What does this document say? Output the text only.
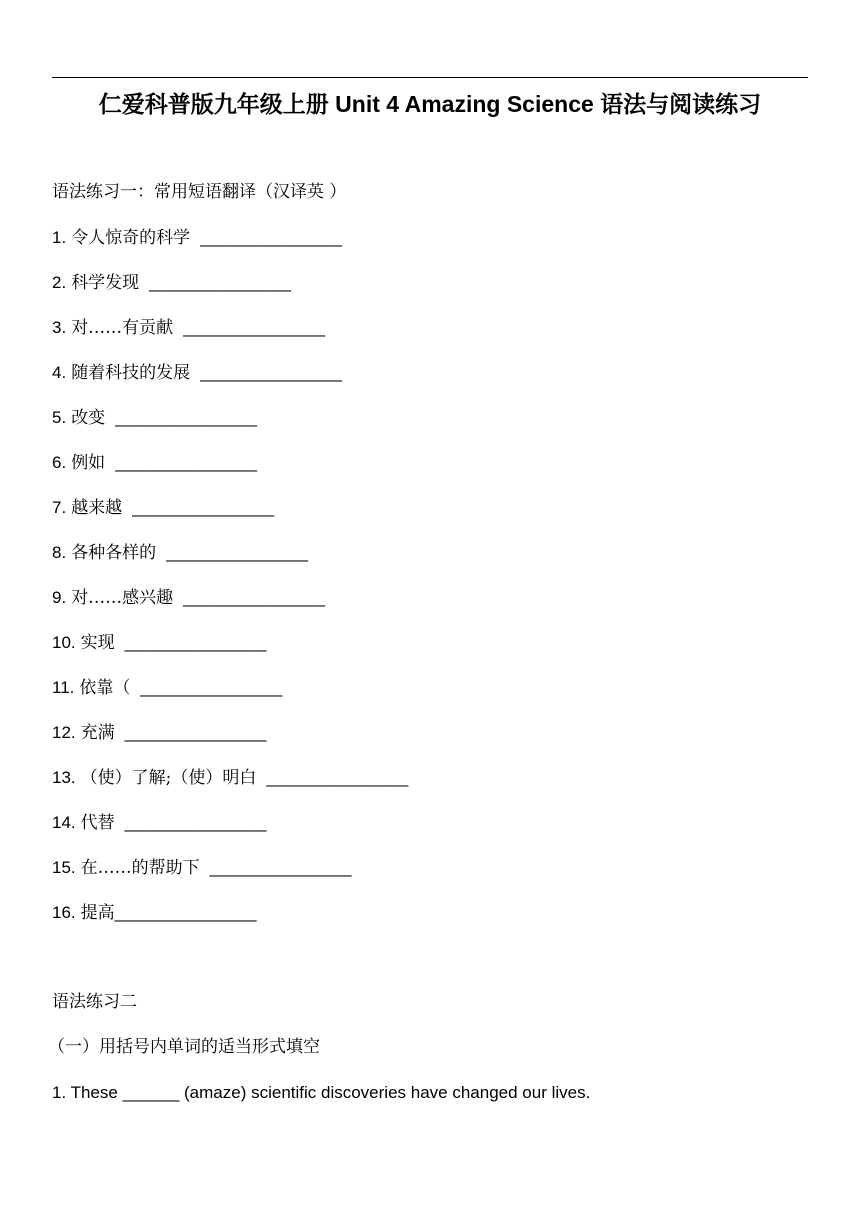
仁爱科普版九年级上册 Unit 4 Amazing Science 语法与阅读练习
语法练习一：常用短语翻译（汉译英 ）
1. 令人惊奇的科学 _______________
2. 科学发现 _______________
3. 对……有贡献 _______________
4. 随着科技的发展 _______________
5. 改变 _______________
6. 例如 _______________
7. 越来越 _______________
8. 各种各样的 _______________
9. 对……感兴趣 _______________
10. 实现 _______________
11. 依靠（ _______________
12. 充满 _______________
13. （使）了解;（使）明白 _______________
14. 代替 _______________
15. 在……的帮助下 _______________
16. 提高_______________
语法练习二
（一）用括号内单词的适当形式填空
1. These ______ (amaze) scientific discoveries have changed our lives.
